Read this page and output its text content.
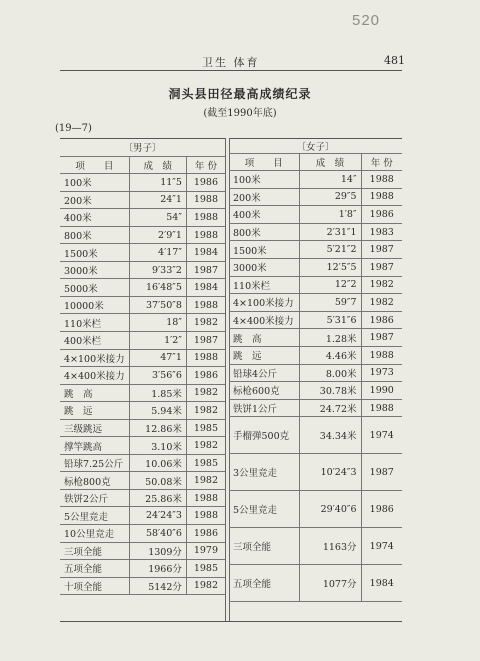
520
卫生 体育	481
洞头县田径最高成绩纪录
(截至1990年底)
(19—7)
〔男子〕		
项　　目	成　绩	年 份
100米	11″5	1986
200米	24″1	1988
400米	54″	1988
800米	2′9″1	1988
1500米	4′17″	1984
3000米	9′33″2	1987
5000米	16′48″5	1984
10000米	37′50″8	1988
110米栏	18″	1982
400米栏	1′2″	1987
4×100米接力	47″1	1988
4×400米接力	3′56″6	1986
跳　高	1.85米	1982
跳　远	5.94米	1982
三级跳远	12.86米	1985
撑竿跳高	3.10米	1982
铅球7.25公斤	10.06米	1985
标枪800克	50.08米	1982
铁饼2公斤	25.86米	1988
5公里竞走	24′24″3	1988
10公里竞走	58′40″6	1986
三项全能	1309分	1979
五项全能	1966分	1985
十项全能	5142分	1982
〔女子〕		
项　　目	成　绩	年 份
100米	14″	1988
200米	29″5	1988
400米	1′8″	1986
800米	2′31″1	1983
1500米	5′21″2	1987
3000米	12′5″5	1987
110米栏	12″2	1982
4×100米接力	59″7	1982
4×400米接力	5′31″6	1986
跳　高	1.28米	1987
跳　远	4.46米	1988
铅球4公斤	8.00米	1973
标枪600克	30.78米	1990
铁饼1公斤	24.72米	1988
手榴弹500克	34.34米	1974
3公里竞走	10′24″3	1987
5公里竞走	29′40″6	1986
三项全能	1163分	1974
五项全能	1077分	1984
